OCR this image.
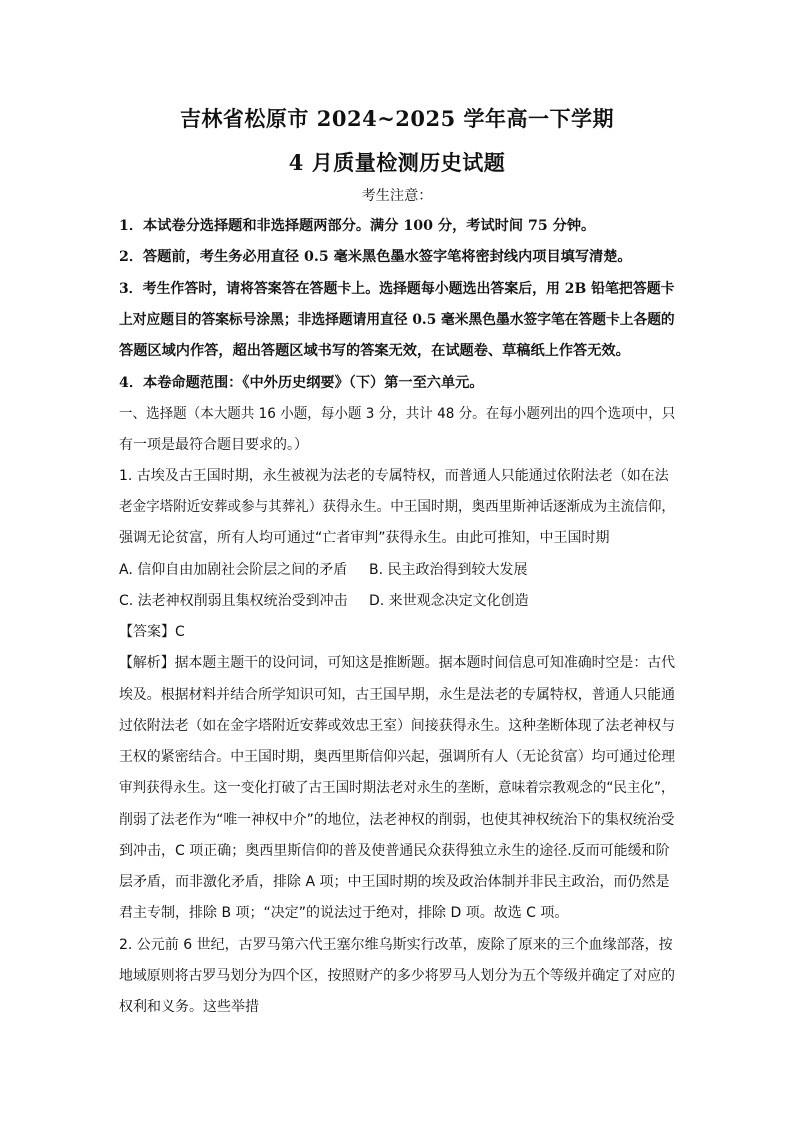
吉林省松原市 2024~2025 学年高一下学期
4 月质量检测历史试题
考生注意：
1．本试卷分选择题和非选择题两部分。满分 100 分，考试时间 75 分钟。
2．答题前，考生务必用直径 0.5 毫米黑色墨水签字笔将密封线内项目填写清楚。
3．考生作答时，请将答案答在答题卡上。选择题每小题选出答案后，用 2B 铅笔把答题卡
上对应题目的答案标号涂黑；非选择题请用直径 0.5 毫米黑色墨水签字笔在答题卡上各题的
答题区域内作答，超出答题区域书写的答案无效，在试题卷、草稿纸上作答无效。
4．本卷命题范围：《中外历史纲要》（下）第一至六单元。
一、选择题（本大题共 16 小题，每小题 3 分，共计 48 分。在每小题列出的四个选项中，只
有一项是最符合题目要求的。）
1. 古埃及古王国时期，永生被视为法老的专属特权，而普通人只能通过依附法老（如在法
老金字塔附近安葬或参与其葬礼）获得永生。中王国时期，奥西里斯神话逐渐成为主流信仰，
强调无论贫富，所有人均可通过“亡者审判”获得永生。由此可推知，中王国时期
A. 信仰自由加剧社会阶层之间的矛盾 B. 民主政治得到较大发展
C. 法老神权削弱且集权统治受到冲击 D. 来世观念决定文化创造
【答案】C
【解析】据本题主题干的设问词，可知这是推断题。据本题时间信息可知准确时空是：古代
埃及。根据材料并结合所学知识可知，古王国早期，永生是法老的专属特权，普通人只能通
过依附法老（如在金字塔附近安葬或效忠王室）间接获得永生。这种垄断体现了法老神权与
王权的紧密结合。中王国时期，奥西里斯信仰兴起，强调所有人（无论贫富）均可通过伦理
审判获得永生。这一变化打破了古王国时期法老对永生的垄断，意味着宗教观念的“民主化”，
削弱了法老作为“唯一神权中介”的地位，法老神权的削弱，也使其神权统治下的集权统治受
到冲击，C 项正确；奥西里斯信仰的普及使普通民众获得独立永生的途径.反而可能缓和阶
层矛盾，而非激化矛盾，排除 A 项；中王国时期的埃及政治体制并非民主政治，而仍然是
君主专制，排除 B 项；“决定”的说法过于绝对，排除 D 项。故选 C 项。
2. 公元前 6 世纪，古罗马第六代王塞尔维乌斯实行改革，废除了原来的三个血缘部落，按
地域原则将古罗马划分为四个区，按照财产的多少将罗马人划分为五个等级并确定了对应的
权利和义务。这些举措
